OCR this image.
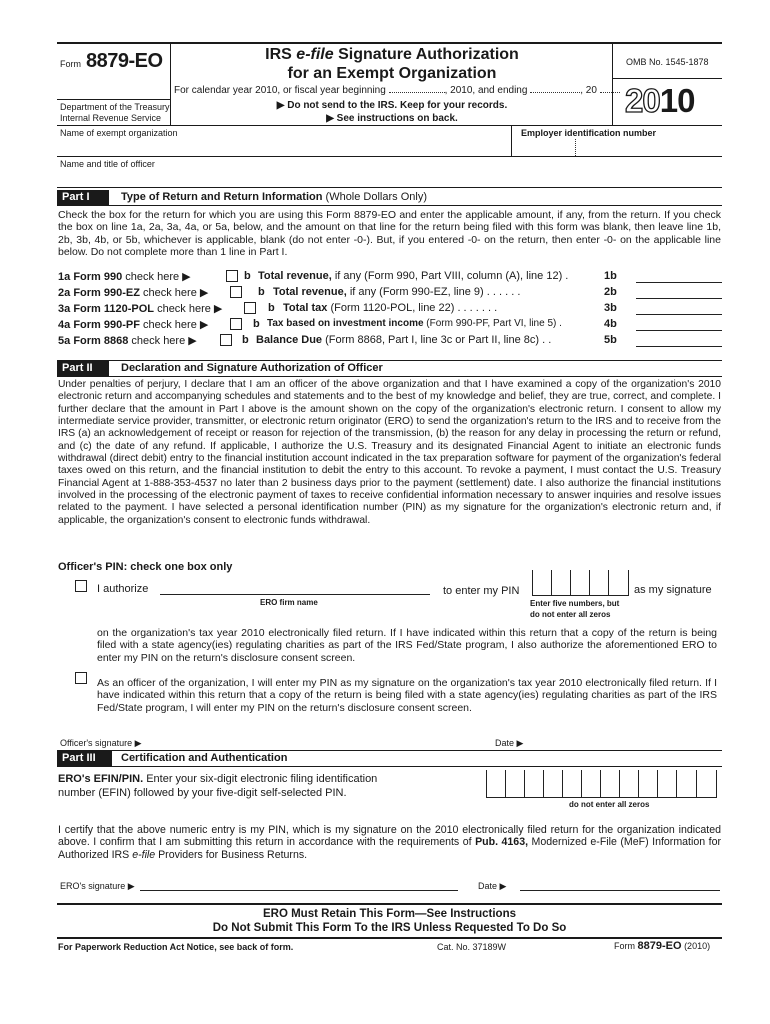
Form 8879-EO	IRS e-file Signature Authorization
for an Exempt Organization
For calendar year 2010, or fiscal year beginning	, 2010, and ending	, 20
▶ Do not send to the IRS. Keep for your records.
▶ See instructions on back.
Department of the Treasury
Internal Revenue Service
OMB No. 1545-1878
2010
Name of exempt organization	Employer identification number
Name and title of officer
Part I	Type of Return and Return Information (Whole Dollars Only)
Check the box for the return for which you are using this Form 8879-EO and enter the applicable amount, if any, from the return. If you check the box on line 1a, 2a, 3a, 4a, or 5a, below, and the amount on that line for the return being filed with this form was blank, then leave line 1b, 2b, 3b, 4b, or 5b, whichever is applicable, blank (do not enter -0-). But, if you entered -0- on the return, then enter -0- on the applicable line below. Do not complete more than 1 line in Part I.
1a Form 990 check here ▶	b Total revenue, if any (Form 990, Part VIII, column (A), line 12) .	1b
2a Form 990-EZ check here ▶	b Total revenue, if any (Form 990-EZ, line 9) . . . . . .	2b
3a Form 1120-POL check here ▶	b Total tax (Form 1120-POL, line 22) . . . . . . .	3b
4a Form 990-PF check here ▶	b Tax based on investment income (Form 990-PF, Part VI, line 5) .	4b
5a Form 8868 check here ▶	b Balance Due (Form 8868, Part I, line 3c or Part II, line 8c) . .	5b
Part II	Declaration and Signature Authorization of Officer
Under penalties of perjury, I declare that I am an officer of the above organization and that I have examined a copy of the organization's 2010 electronic return and accompanying schedules and statements and to the best of my knowledge and belief, they are true, correct, and complete. I further declare that the amount in Part I above is the amount shown on the copy of the organization's electronic return. I consent to allow my intermediate service provider, transmitter, or electronic return originator (ERO) to send the organization's return to the IRS and to receive from the IRS (a) an acknowledgement of receipt or reason for rejection of the transmission, (b) the reason for any delay in processing the return or refund, and (c) the date of any refund. If applicable, I authorize the U.S. Treasury and its designated Financial Agent to initiate an electronic funds withdrawal (direct debit) entry to the financial institution account indicated in the tax preparation software for payment of the organization's federal taxes owed on this return, and the financial institution to debit the entry to this account. To revoke a payment, I must contact the U.S. Treasury Financial Agent at 1-888-353-4537 no later than 2 business days prior to the payment (settlement) date. I also authorize the financial institutions involved in the processing of the electronic payment of taxes to receive confidential information necessary to answer inquiries and resolve issues related to the payment. I have selected a personal identification number (PIN) as my signature for the organization's electronic return and, if applicable, the organization's consent to electronic funds withdrawal.
Officer's PIN: check one box only
I authorize
ERO firm name
to enter my PIN	as my signature
Enter five numbers, but
do not enter all zeros
on the organization's tax year 2010 electronically filed return. If I have indicated within this return that a copy of the return is being filed with a state agency(ies) regulating charities as part of the IRS Fed/State program, I also authorize the aforementioned ERO to enter my PIN on the return's disclosure consent screen.
As an officer of the organization, I will enter my PIN as my signature on the organization's tax year 2010 electronically filed return. If I have indicated within this return that a copy of the return is being filed with a state agency(ies) regulating charities as part of the IRS Fed/State program, I will enter my PIN on the return's disclosure consent screen.
Officer's signature ▶	Date ▶
Part III	Certification and Authentication
ERO's EFIN/PIN. Enter your six-digit electronic filing identification
number (EFIN) followed by your five-digit self-selected PIN.
do not enter all zeros
I certify that the above numeric entry is my PIN, which is my signature on the 2010 electronically filed return for the organization indicated above. I confirm that I am submitting this return in accordance with the requirements of Pub. 4163, Modernized e-File (MeF) Information for Authorized IRS e-file Providers for Business Returns.
ERO's signature ▶	Date ▶
ERO Must Retain This Form—See Instructions
Do Not Submit This Form To the IRS Unless Requested To Do So
For Paperwork Reduction Act Notice, see back of form.	Cat. No. 37189W	Form 8879-EO (2010)
